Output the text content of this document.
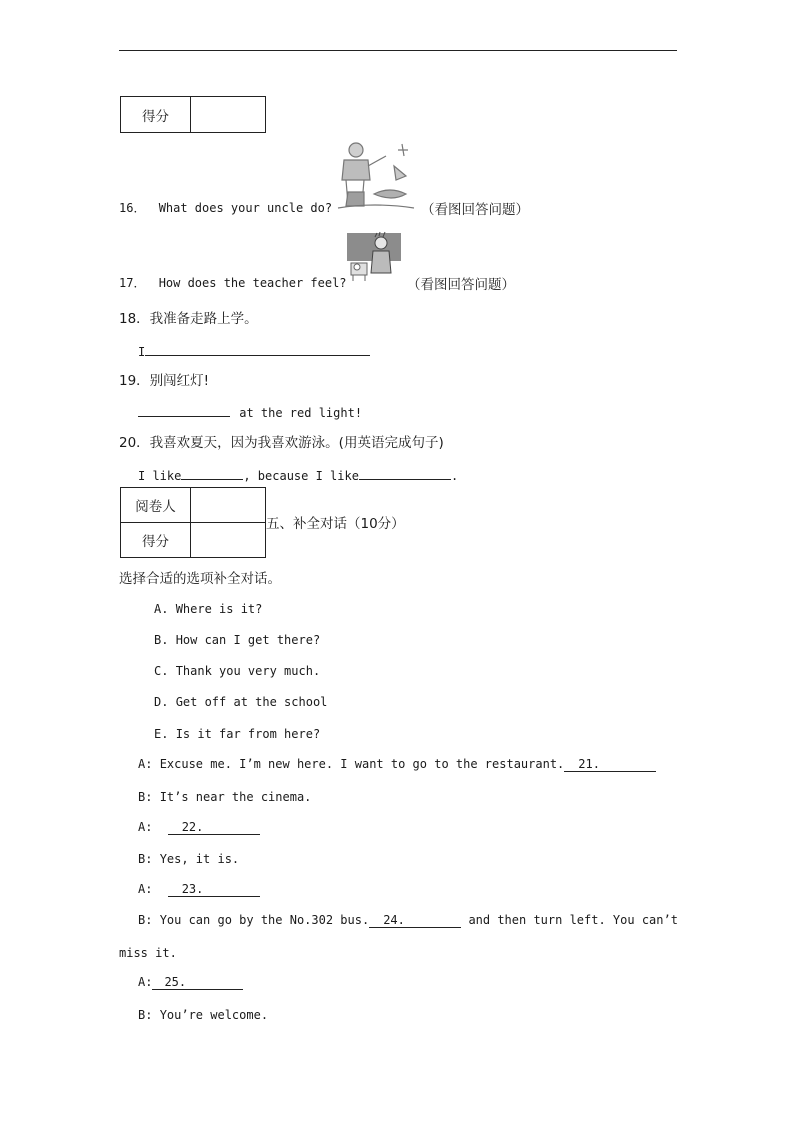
得分	
16． What does your uncle do?	（看图回答问题）
17． How does the teacher feel?	（看图回答问题）
18．我准备走路上学。
I
19．别闯红灯!
at the red light!
20．我喜欢夏天，因为我喜欢游泳。(用英语完成句子)
I like	, because I like	.
阅卷人	
得分	
五、补全对话（10分）
选择合适的选项补全对话。
A. Where is it?
B. How can I get there?
C. Thank you very much.
D. Get off at the school
E. Is it far from here?
A: Excuse me. I’m new here. I want to go to the restaurant. 21.
B: It’s near the cinema.
A: 22.
B: Yes, it is.
A: 23.
B: You can go by the No.302 bus. 24.	and then turn left. You can’t
miss it.
A: 25.
B: You’re welcome.
